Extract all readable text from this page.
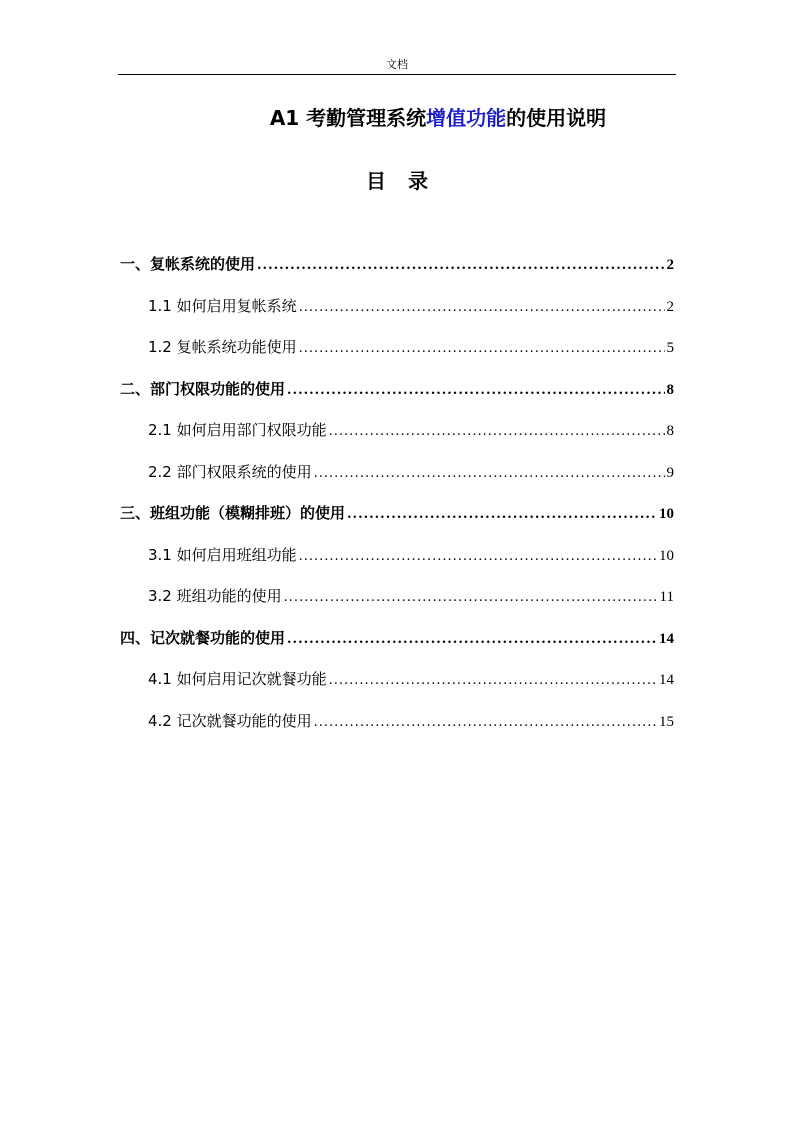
文档
A1 考勤管理系统增值功能的使用说明
目录
一、复帐系统的使用 .....	2
1.1 如何启用复帐系统 .....	2
1.2 复帐系统功能使用 .....	5
二、部门权限功能的使用 .....	8
2.1 如何启用部门权限功能 .....	8
2.2 部门权限系统的使用 .....	9
三、班组功能（模糊排班）的使用 .....	10
3.1 如何启用班组功能 .....	10
3.2 班组功能的使用 .....	11
四、记次就餐功能的使用 .....	14
4.1 如何启用记次就餐功能 .....	14
4.2 记次就餐功能的使用 .....	15
